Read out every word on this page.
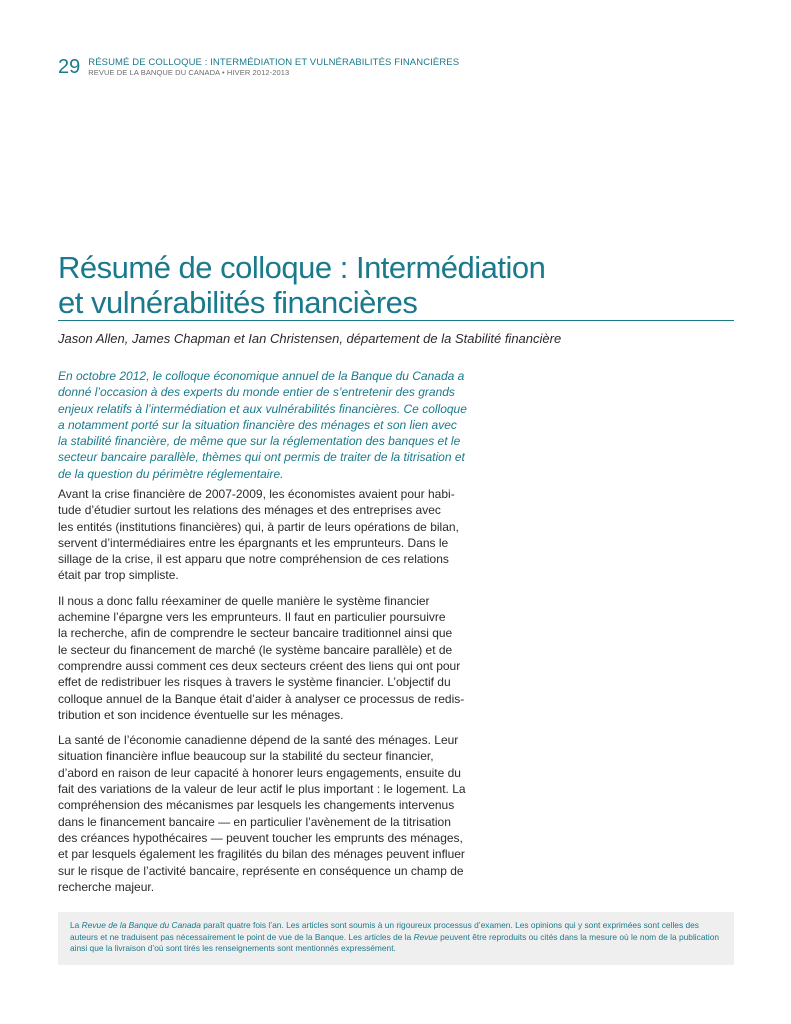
29 RÉSUMÉ DE COLLOQUE : INTERMÉDIATION ET VULNÉRABILITÉS FINANCIÈRES
REVUE DE LA BANQUE DU CANADA • HIVER 2012-2013
Résumé de colloque : Intermédiation
et vulnérabilités financières
Jason Allen, James Chapman et Ian Christensen, département de la Stabilité financière

En octobre 2012, le colloque économique annuel de la Banque du Canada a
donné l’occasion à des experts du monde entier de s’entretenir des grands
enjeux relatifs à l’intermédiation et aux vulnérabilités financières. Ce colloque
a notamment porté sur la situation financière des ménages et son lien avec
la stabilité financière, de même que sur la réglementation des banques et le
secteur bancaire parallèle, thèmes qui ont permis de traiter de la titrisation et
de la question du périmètre réglementaire.

Avant la crise financière de 2007-2009, les économistes avaient pour habi-
tude d’étudier surtout les relations des ménages et des entreprises avec
les entités (institutions financières) qui, à partir de leurs opérations de bilan,
servent d’intermédiaires entre les épargnants et les emprunteurs. Dans le
sillage de la crise, il est apparu que notre compréhension de ces relations
était par trop simpliste.

Il nous a donc fallu réexaminer de quelle manière le système financier
achemine l’épargne vers les emprunteurs. Il faut en particulier poursuivre
la recherche, afin de comprendre le secteur bancaire traditionnel ainsi que
le secteur du financement de marché (le système bancaire parallèle) et de
comprendre aussi comment ces deux secteurs créent des liens qui ont pour
effet de redistribuer les risques à travers le système financier. L’objectif du
colloque annuel de la Banque était d’aider à analyser ce processus de redis-
tribution et son incidence éventuelle sur les ménages.

La santé de l’économie canadienne dépend de la santé des ménages. Leur
situation financière influe beaucoup sur la stabilité du secteur financier,
d’abord en raison de leur capacité à honorer leurs engagements, ensuite du
fait des variations de la valeur de leur actif le plus important : le logement. La
compréhension des mécanismes par lesquels les changements intervenus
dans le financement bancaire — en particulier l’avènement de la titrisation
des créances hypothécaires — peuvent toucher les emprunts des ménages,
et par lesquels également les fragilités du bilan des ménages peuvent influer
sur le risque de l’activité bancaire, représente en conséquence un champ de
recherche majeur.

La Revue de la Banque du Canada paraît quatre fois l’an. Les articles sont soumis à un rigoureux processus d’examen. Les opinions qui y sont exprimées sont celles des auteurs et ne traduisent pas nécessairement le point de vue de la Banque. Les articles de la Revue peuvent être reproduits ou cités dans la mesure où le nom de la publication ainsi que la livraison d’où sont tirés les renseignements sont mentionnés expressément.
